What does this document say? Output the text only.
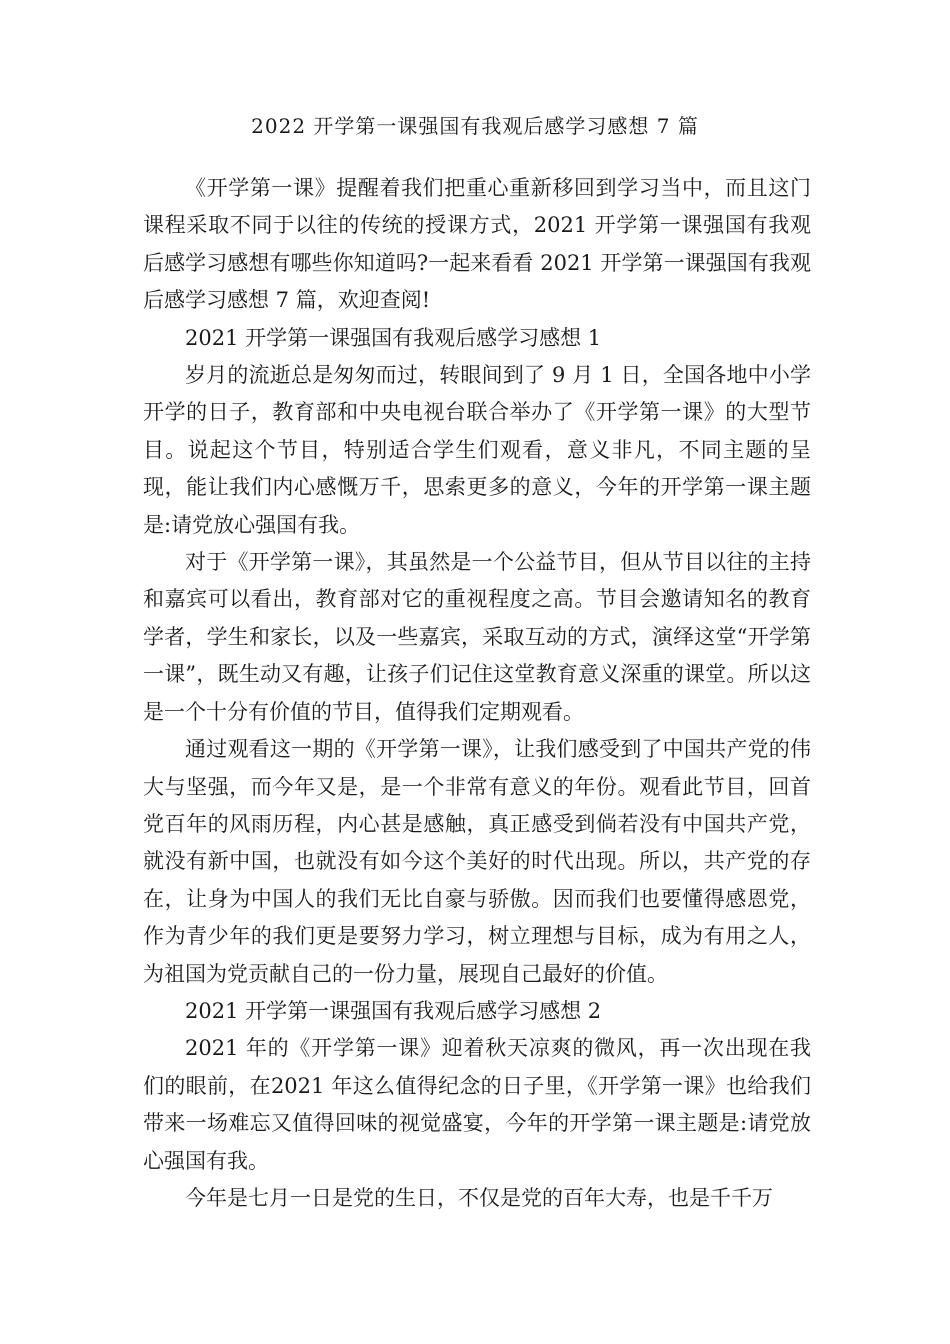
2022 开学第一课强国有我观后感学习感想 7 篇

《开学第一课》提醒着我们把重心重新移回到学习当中，而且这门课程采取不同于以往的传统的授课方式，2021 开学第一课强国有我观后感学习感想有哪些你知道吗?一起来看看 2021 开学第一课强国有我观后感学习感想 7 篇，欢迎查阅!

2021 开学第一课强国有我观后感学习感想 1

岁月的流逝总是匆匆而过，转眼间到了 9 月 1 日，全国各地中小学开学的日子，教育部和中央电视台联合举办了《开学第一课》的大型节目。说起这个节目，特别适合学生们观看，意义非凡，不同主题的呈现，能让我们内心感慨万千，思索更多的意义，今年的开学第一课主题是:请党放心强国有我。

对于《开学第一课》，其虽然是一个公益节目，但从节目以往的主持和嘉宾可以看出，教育部对它的重视程度之高。节目会邀请知名的教育学者，学生和家长，以及一些嘉宾，采取互动的方式，演绎这堂“开学第一课”，既生动又有趣，让孩子们记住这堂教育意义深重的课堂。所以这是一个十分有价值的节目，值得我们定期观看。

通过观看这一期的《开学第一课》，让我们感受到了中国共产党的伟大与坚强，而今年又是，是一个非常有意义的年份。观看此节目，回首党百年的风雨历程，内心甚是感触，真正感受到倘若没有中国共产党，就没有新中国，也就没有如今这个美好的时代出现。所以，共产党的存在，让身为中国人的我们无比自豪与骄傲。因而我们也要懂得感恩党，作为青少年的我们更是要努力学习，树立理想与目标，成为有用之人，为祖国为党贡献自己的一份力量，展现自己最好的价值。

2021 开学第一课强国有我观后感学习感想 2

2021 年的《开学第一课》迎着秋天凉爽的微风，再一次出现在我们的眼前，在2021 年这么值得纪念的日子里，《开学第一课》也给我们带来一场难忘又值得回味的视觉盛宴，今年的开学第一课主题是:请党放心强国有我。

今年是七月一日是党的生日，不仅是党的百年大寿，也是千千万
